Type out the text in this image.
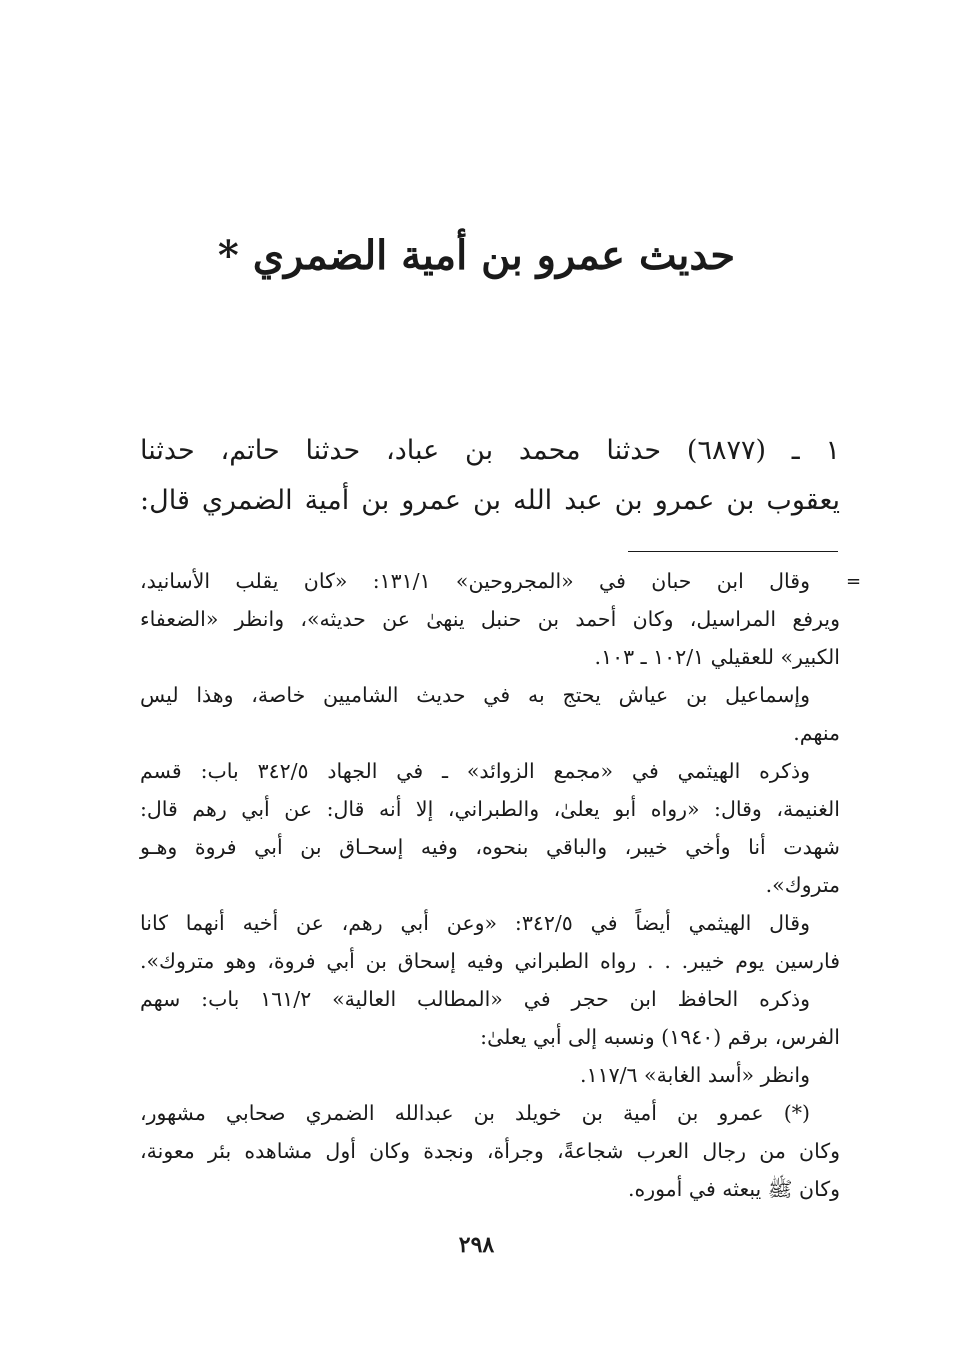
حديث عمرو بن أمية الضمري *
١ ـ (٦٨٧٧) حدثنا محمد بن عباد، حدثنا حاتم، حدثنا
يعقوب بن عمرو بن عبد الله بن عمرو بن أمية الضمري قال:
=

وقال ابن حبان في «المجروحين» ١٣١/١: «كان يقلب الأسانيد،
ويرفع المراسيل، وكان أحمد بن حنبل ينهىٰ عن حديثه»، وانظر «الضعفاء
الكبير» للعقيلي ١٠٢/١ ـ ١٠٣.

وإسماعيل بن عياش يحتج به في حديث الشاميين خاصة، وهذا ليس
منهم.

وذكره الهيثمي في «مجمع الزوائد» ـ في الجهاد ٣٤٢/٥ باب: قسم
الغنيمة، وقال: «رواه أبو يعلىٰ، والطبراني، إلا أنه قال: عن أبي رهم قال:
شهدت أنا وأخي خيبر، والباقي بنحوه، وفيه إسحـاق بن أبي فروة وهـو
متروك».

وقال الهيثمي أيضاً في ٣٤٢/٥: «وعن أبي رهم، عن أخيه أنهما كانا
فارسين يوم خيبر. . . رواه الطبراني وفيه إسحاق بن أبي فروة، وهو متروك».

وذكره الحافظ ابن حجر في «المطالب العالية» ١٦١/٢ باب: سهم
الفرس، برقم (١٩٤٠) ونسبه إلى أبي يعلىٰ:

وانظر «أسد الغابة» ١١٧/٦.

(*) عمرو بن أمية بن خويلد بن عبدالله الضمري صحابي مشهور،
وكان من رجال العرب شجاعةً، وجرأة، ونجدة وكان أول مشاهده بئر معونة،
وكان ﷺ يبعثه في أموره.

٢٩٨
